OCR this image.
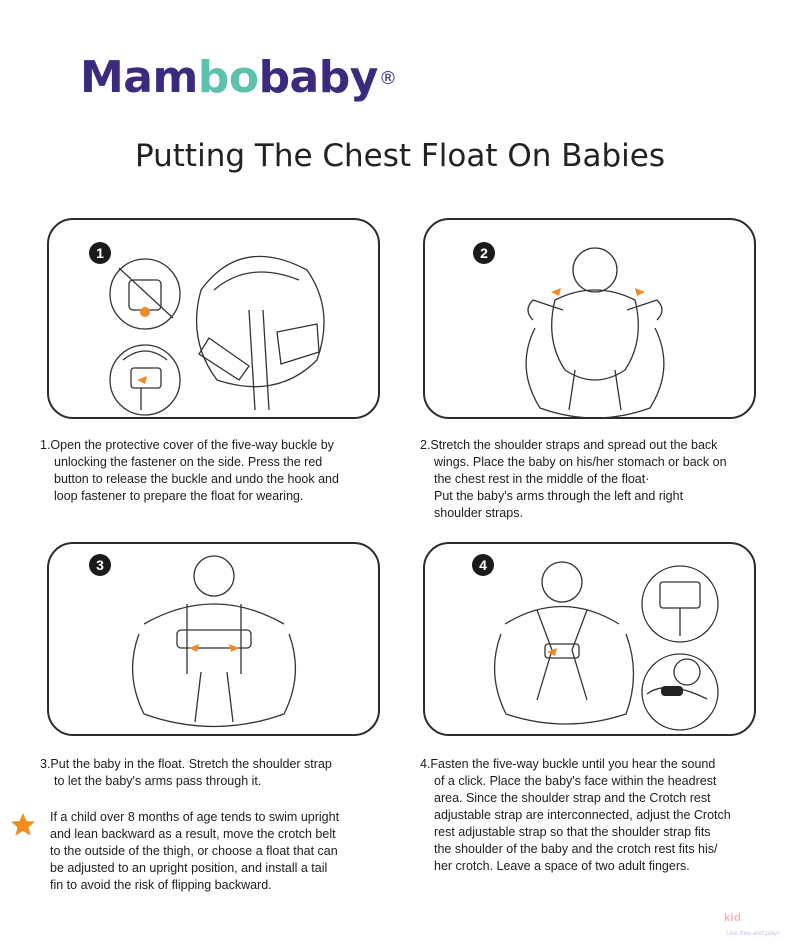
Mambobaby®
Putting The Chest Float On Babies
1	2
3	4

1.Open the protective cover of the five-way buckle by

unlocking the fastener on the side. Press the red

button to release the buckle and undo the hook and

loop fastener to prepare the float for wearing.

2.Stretch the shoulder straps and spread out the back

wings. Place the baby on his/her stomach or back on

the chest rest in the middle of the float·

Put the baby's arms through the left and right

shoulder straps.

3.Put the baby in the float. Stretch the shoulder strap

to let the baby's arms pass through it.

4.Fasten the five-way buckle until you hear the sound

of a click. Place the baby's face within the headrest

area. Since the shoulder strap and the Crotch rest

adjustable strap are interconnected, adjust the Crotch

rest adjustable strap so that the shoulder strap fits

the shoulder of the baby and the crotch rest fits his/

her crotch. Leave a space of two adult fingers.

If a child over 8 months of age tends to swim upright

and lean backward as a result, move the crotch belt

to the outside of the thigh, or choose a float that can

be adjusted to an upright position, and install a tail

fin to avoid the risk of flipping backward.

kid
Live free and play!
